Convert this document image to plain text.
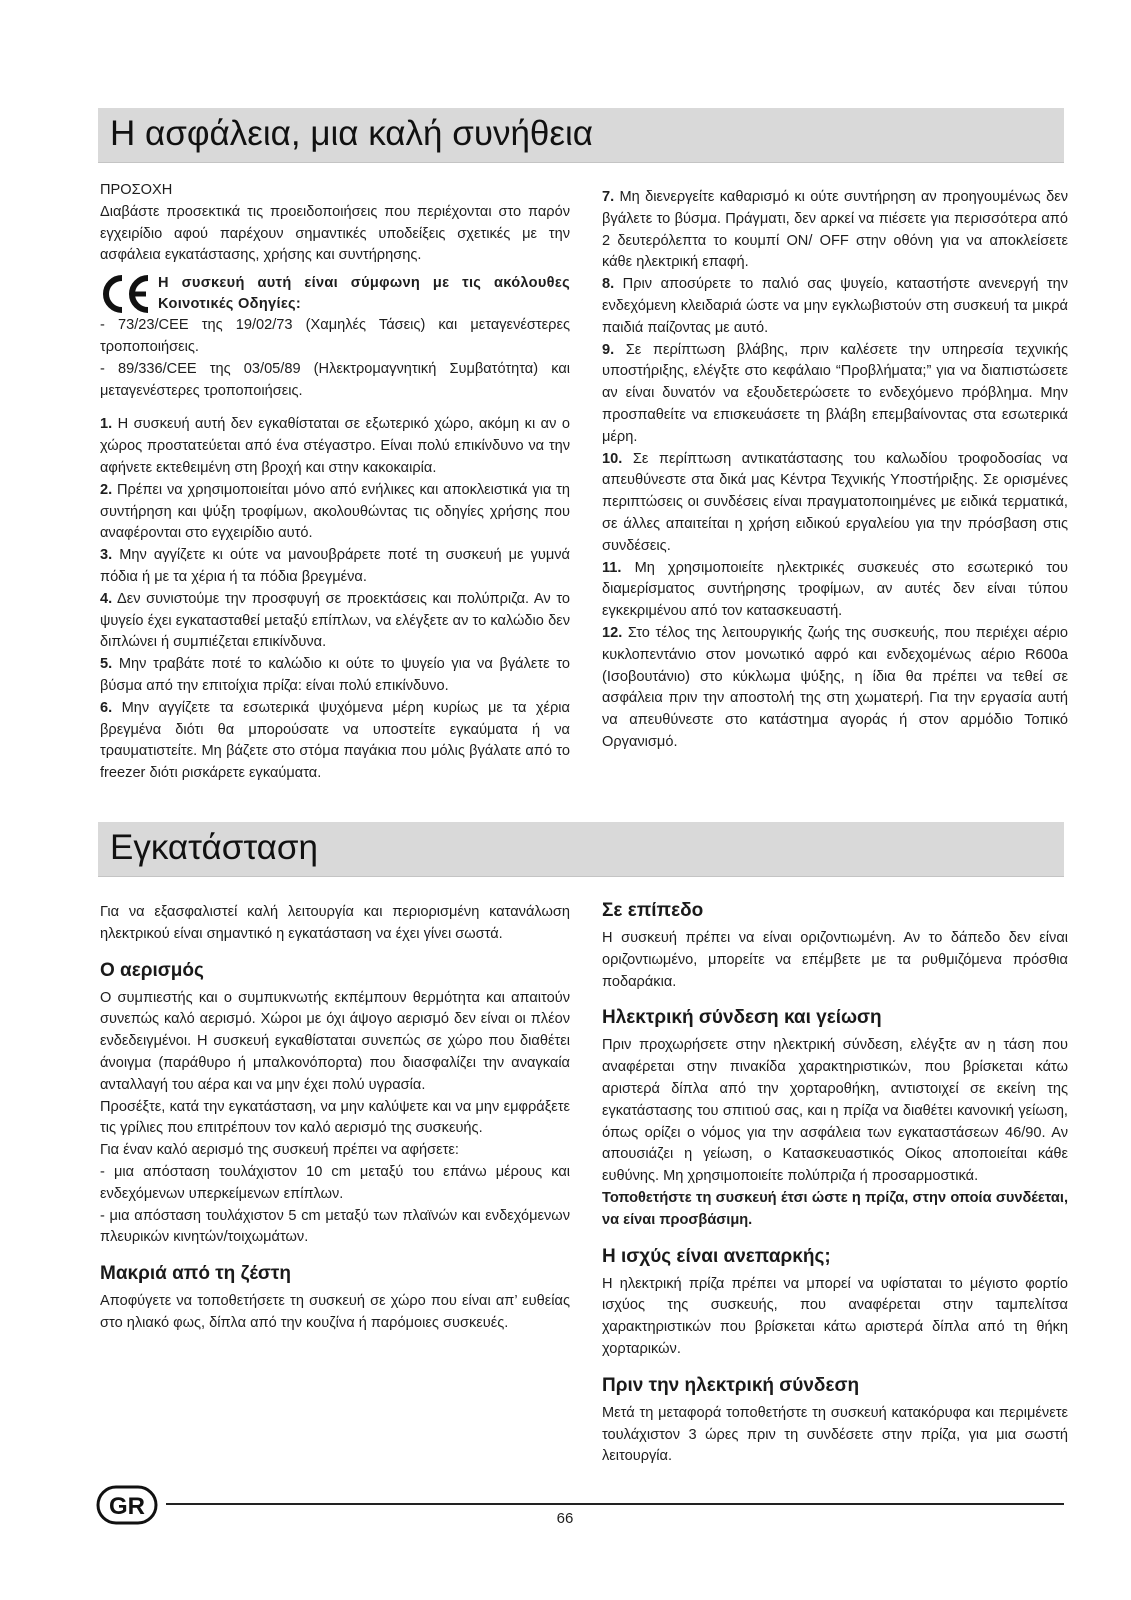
Η ασφάλεια, μια καλή συνήθεια

ΠΡΟΣΟΧΗ

Διαβάστε προσεκτικά τις προειδοποιήσεις που περιέχονται στο παρόν εγχειρίδιο αφού παρέχουν σημαντικές υποδείξεις σχετικές με την ασφάλεια εγκατάστασης, χρήσης και συντήρησης.

Η συσκευή αυτή είναι σύμφωνη με τις ακόλουθες Κοινοτικές Οδηγίες:

- 73/23/CEE της 19/02/73 (Χαμηλές Τάσεις) και μεταγενέστερες τροποποιήσεις.

- 89/336/CEE της 03/05/89 (Ηλεκτρομαγνητική Συμβατότητα) και μεταγενέστερες τροποποιήσεις.

1. Η συσκευή αυτή δεν εγκαθίσταται σε εξωτερικό χώρο, ακόμη κι αν ο χώρος προστατεύεται από ένα στέγαστρο. Είναι πολύ επικίνδυνο να την αφήνετε εκτεθειμένη στη βροχή και στην κακοκαιρία.

2. Πρέπει να χρησιμοποιείται μόνο από ενήλικες και αποκλειστικά για τη συντήρηση και ψύξη τροφίμων, ακολουθώντας τις οδηγίες χρήσης που αναφέρονται στο εγχειρίδιο αυτό.

3. Μην αγγίζετε κι ούτε να μανουβράρετε ποτέ τη συσκευή με γυμνά πόδια ή με τα χέρια ή τα πόδια βρεγμένα.

4. Δεν συνιστούμε την προσφυγή σε προεκτάσεις και πολύπριζα. Αν το ψυγείο έχει εγκατασταθεί μεταξύ επίπλων, να ελέγξετε αν το καλώδιο δεν διπλώνει ή συμπιέζεται επικίνδυνα.

5. Μην τραβάτε ποτέ το καλώδιο κι ούτε το ψυγείο για να βγάλετε το βύσμα από την επιτοίχια πρίζα: είναι πολύ επικίνδυνο.

6. Μην αγγίζετε τα εσωτερικά ψυχόμενα μέρη κυρίως με τα χέρια βρεγμένα διότι θα μπορούσατε να υποστείτε εγκαύματα ή να τραυματιστείτε. Μη βάζετε στο στόμα παγάκια που μόλις βγάλατε από το freezer διότι ρισκάρετε εγκαύματα.

7. Μη διενεργείτε καθαρισμό κι ούτε συντήρηση αν προηγουμένως δεν βγάλετε το βύσμα. Πράγματι, δεν αρκεί να πιέσετε για περισσότερα από 2 δευτερόλεπτα το κουμπί ON/ OFF στην οθόνη για να αποκλείσετε κάθε ηλεκτρική επαφή.

8. Πριν αποσύρετε το παλιό σας ψυγείο, καταστήστε ανενεργή την ενδεχόμενη κλειδαριά ώστε να μην εγκλωβιστούν στη συσκευή τα μικρά παιδιά παίζοντας με αυτό.

9. Σε περίπτωση βλάβης, πριν καλέσετε την υπηρεσία τεχνικής υποστήριξης, ελέγξτε στο κεφάλαιο “Προβλήματα;” για να διαπιστώσετε αν είναι δυνατόν να εξουδετερώσετε το ενδεχόμενο πρόβλημα. Μην προσπαθείτε να επισκευάσετε τη βλάβη επεμβαίνοντας στα εσωτερικά μέρη.

10. Σε περίπτωση αντικατάστασης του καλωδίου τροφοδοσίας να απευθύνεστε στα δικά μας Κέντρα Τεχνικής Υποστήριξης. Σε ορισμένες περιπτώσεις οι συνδέσεις είναι πραγματοποιημένες με ειδικά τερματικά, σε άλλες απαιτείται η χρήση ειδικού εργαλείου για την πρόσβαση στις συνδέσεις.

11. Μη χρησιμοποιείτε ηλεκτρικές συσκευές στο εσωτερικό του διαμερίσματος συντήρησης τροφίμων, αν αυτές δεν είναι τύπου εγκεκριμένου από τον κατασκευαστή.

12. Στο τέλος της λειτουργικής ζωής της συσκευής, που περιέχει αέριο κυκλοπεντάνιο στον μονωτικό αφρό και ενδεχομένως αέριο R600a (Ισοβουτάνιο) στο κύκλωμα ψύξης, η ίδια θα πρέπει να τεθεί σε ασφάλεια πριν την αποστολή της στη χωματερή. Για την εργασία αυτή να απευθύνεστε στο κατάστημα αγοράς ή στον αρμόδιο Τοπικό Οργανισμό.

Εγκατάσταση

Για να εξασφαλιστεί καλή λειτουργία και περιορισμένη κατανάλωση ηλεκτρικού είναι σημαντικό η εγκατάσταση να έχει γίνει σωστά.

Ο αερισμός

Ο συμπιεστής και ο συμπυκνωτής εκπέμπουν θερμότητα και απαιτούν συνεπώς καλό αερισμό. Χώροι με όχι άψογο αερισμό δεν είναι οι πλέον ενδεδειγμένοι. Η συσκευή εγκαθίσταται συνεπώς σε χώρο που διαθέτει άνοιγμα (παράθυρο ή μπαλκονόπορτα) που διασφαλίζει την αναγκαία ανταλλαγή του αέρα και να μην έχει πολύ υγρασία.

Προσέξτε, κατά την εγκατάσταση, να μην καλύψετε και να μην εμφράξετε τις γρίλιες που επιτρέπουν τον καλό αερισμό της συσκευής.

Για έναν καλό αερισμό της συσκευή πρέπει να αφήσετε:

- μια απόσταση τουλάχιστον 10 cm μεταξύ του επάνω μέρους και ενδεχόμενων υπερκείμενων επίπλων.

- μια απόσταση τουλάχιστον 5 cm μεταξύ των πλαϊνών και ενδεχόμενων πλευρικών κινητών/τοιχωμάτων.

Μακριά από τη ζέστη

Αποφύγετε να τοποθετήσετε τη συσκευή σε χώρο που είναι απ’ ευθείας στο ηλιακό φως, δίπλα από την κουζίνα ή παρόμοιες συσκευές.

Σε επίπεδο

Η συσκευή πρέπει να είναι οριζοντιωμένη. Αν το δάπεδο δεν είναι οριζοντιωμένο, μπορείτε να επέμβετε με τα ρυθμιζόμενα πρόσθια ποδαράκια.

Ηλεκτρική σύνδεση και γείωση

Πριν προχωρήσετε στην ηλεκτρική σύνδεση, ελέγξτε αν η τάση που αναφέρεται στην πινακίδα χαρακτηριστικών, που βρίσκεται κάτω αριστερά δίπλα από την χορταροθήκη, αντιστοιχεί σε εκείνη της εγκατάστασης του σπιτιού σας, και η πρίζα να διαθέτει κανονική γείωση, όπως ορίζει ο νόμος για την ασφάλεια των εγκαταστάσεων 46/90. Αν απουσιάζει η γείωση, ο Κατασκευαστικός Οίκος αποποιείται κάθε ευθύνης. Μη χρησιμοποιείτε πολύπριζα ή προσαρμοστικά.

Τοποθετήστε τη συσκευή έτσι ώστε η πρίζα, στην οποία συνδέεται, να είναι προσβάσιμη.

Η ισχύς είναι ανεπαρκής;

Η ηλεκτρική πρίζα πρέπει να μπορεί να υφίσταται το μέγιστο φορτίο ισχύος της συσκευής, που αναφέρεται στην ταμπελίτσα χαρακτηριστικών που βρίσκεται κάτω αριστερά δίπλα από τη θήκη χορταρικών.

Πριν την ηλεκτρική σύνδεση

Μετά τη μεταφορά τοποθετήστε τη συσκευή κατακόρυφα και περιμένετε τουλάχιστον 3 ώρες πριν τη συνδέσετε στην πρίζα, για μια σωστή λειτουργία.

GR	66
